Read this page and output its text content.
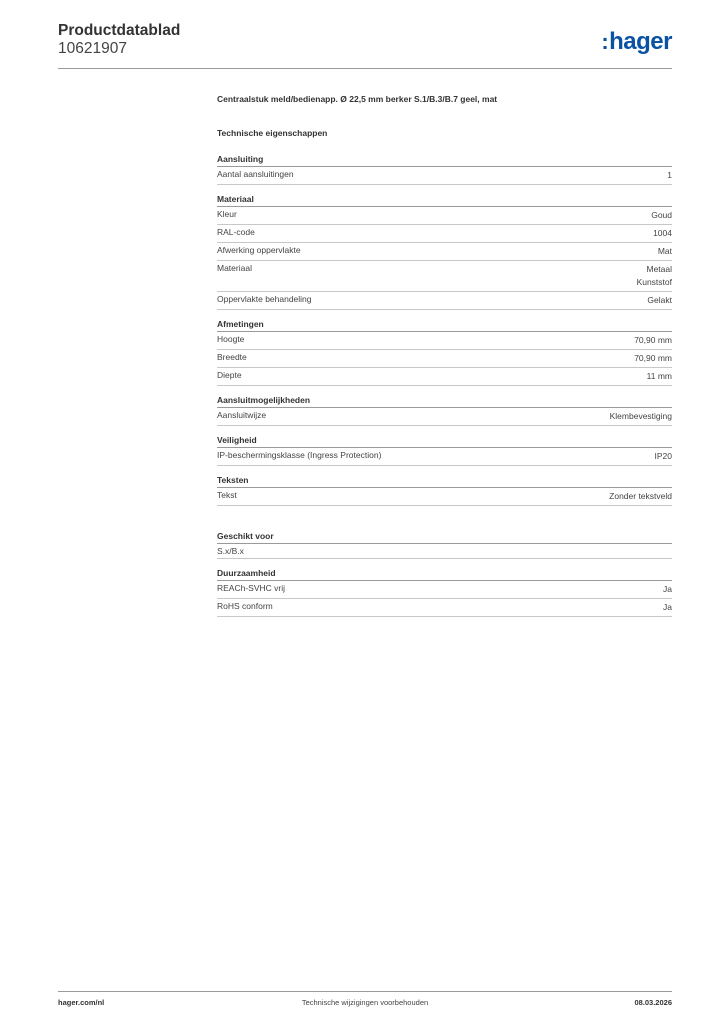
Productdatablad
10621907	:hager
Centraalstuk meld/bedienapp. Ø 22,5 mm berker S.1/B.3/B.7 geel, mat
Technische eigenschappen
Aansluiting
Aantal aansluitingen	1
Materiaal
Kleur	Goud
RAL-code	1004
Afwerking oppervlakte	Mat
Materiaal	Metaal
Kunststof
Oppervlakte behandeling	Gelakt
Afmetingen
Hoogte	70,90 mm
Breedte	70,90 mm
Diepte	11 mm
Aansluitmogelijkheden
Aansluitwijze	Klembevestiging
Veiligheid
IP-beschermingsklasse (Ingress Protection)	IP20
Teksten
Tekst	Zonder tekstveld
Geschikt voor
S.x/B.x
Duurzaamheid
REACh-SVHC vrij	Ja
RoHS conform	Ja
hager.com/nl	Technische wijzigingen voorbehouden	08.03.2026
